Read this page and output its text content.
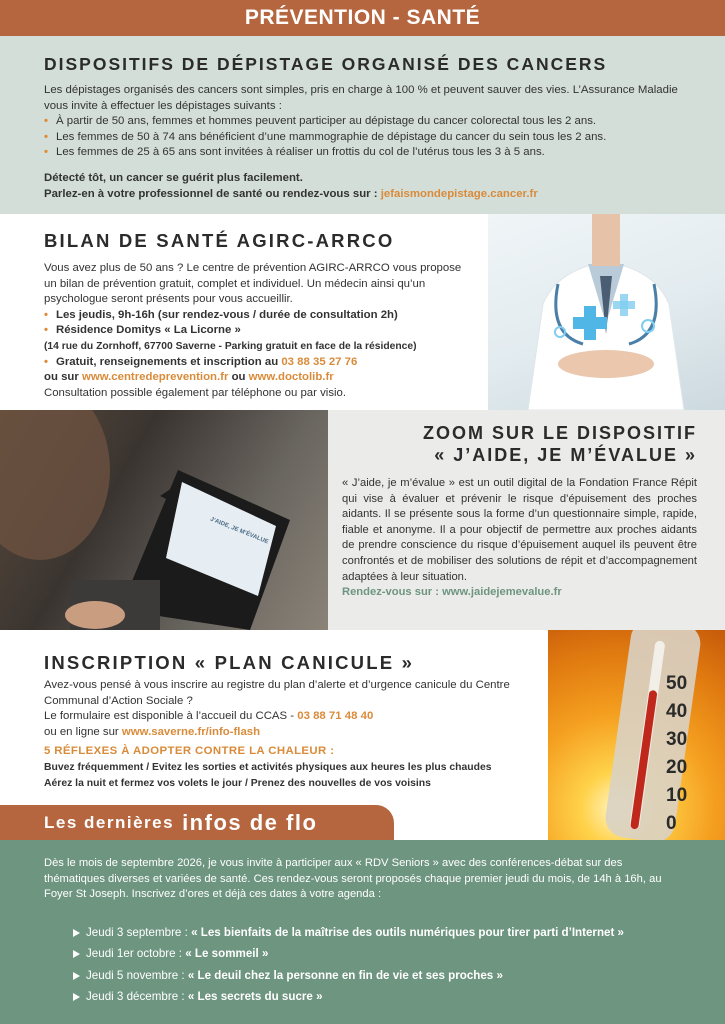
PRÉVENTION - SANTÉ
DISPOSITIFS DE DÉPISTAGE ORGANISÉ DES CANCERS
Les dépistages organisés des cancers sont simples, pris en charge à 100 % et peuvent sauver des vies. L’Assurance Maladie vous invite à effectuer les dépistages suivants :
• À partir de 50 ans, femmes et hommes peuvent participer au dépistage du cancer colorectal tous les 2 ans.
• Les femmes de 50 à 74 ans bénéficient d’une mammographie de dépistage du cancer du sein tous les 2 ans.
• Les femmes de 25 à 65 ans sont invitées à réaliser un frottis du col de l’utérus tous les 3 à 5 ans.
Détecté tôt, un cancer se guérit plus facilement.
Parlez-en à votre professionnel de santé ou rendez-vous sur : jefaismondepistage.cancer.fr
BILAN DE SANTÉ AGIRC-ARRCO
Vous avez plus de 50 ans ? Le centre de prévention AGIRC-ARRCO vous propose un bilan de prévention gratuit, complet et individuel. Un médecin ainsi qu’un psychologue seront présents pour vous accueillir.
• Les jeudis, 9h-16h (sur rendez-vous / durée de consultation 2h)
• Résidence Domitys « La Licorne »
(14 rue du Zornhoff, 67700 Saverne - Parking gratuit en face de la résidence)
• Gratuit, renseignements et inscription au 03 88 35 27 76
ou sur www.centredeprevention.fr ou www.doctolib.fr
Consultation possible également par téléphone ou par visio.
J’AIDE, JE M’ÉVALUE
ZOOM SUR LE DISPOSITIF
« J’AIDE, JE M’ÉVALUE »
« J’aide, je m’évalue » est un outil digital de la Fondation France Répit qui vise à évaluer et prévenir le risque d’épuisement des proches aidants. Il se présente sous la forme d’un questionnaire simple, rapide, fiable et anonyme. Il a pour objectif de permettre aux proches aidants de prendre conscience du risque d’épuisement auquel ils peuvent être confrontés et de mobiliser des solutions de répit et d’accompagnement adaptées à leur situation.
Rendez-vous sur : www.jaidejemevalue.fr
INSCRIPTION « PLAN CANICULE »
Avez-vous pensé à vous inscrire au registre du plan d’alerte et d’urgence canicule du Centre Communal d’Action Sociale ?
Le formulaire est disponible à l’accueil du CCAS - 03 88 71 48 40
ou en ligne sur www.saverne.fr/info-flash
5 RÉFLEXES À ADOPTER CONTRE LA CHALEUR :
Buvez fréquemment / Evitez les sorties et activités physiques aux heures les plus chaudes
Aérez la nuit et fermez vos volets le jour / Prenez des nouvelles de vos voisins
50
40
30
20
10
0
Les dernières infos de flo
Dès le mois de septembre 2026, je vous invite à participer aux « RDV Seniors » avec des conférences-débat sur des thématiques diverses et variées de santé. Ces rendez-vous seront proposés chaque premier jeudi du mois, de 14h à 16h, au Foyer St Joseph. Inscrivez d’ores et déjà ces dates à votre agenda :
Jeudi 3 septembre : « Les bienfaits de la maîtrise des outils numériques pour tirer parti d’Internet »
Jeudi 1er octobre : « Le sommeil »
Jeudi 5 novembre : « Le deuil chez la personne en fin de vie et ses proches »
Jeudi 3 décembre : « Les secrets du sucre »
